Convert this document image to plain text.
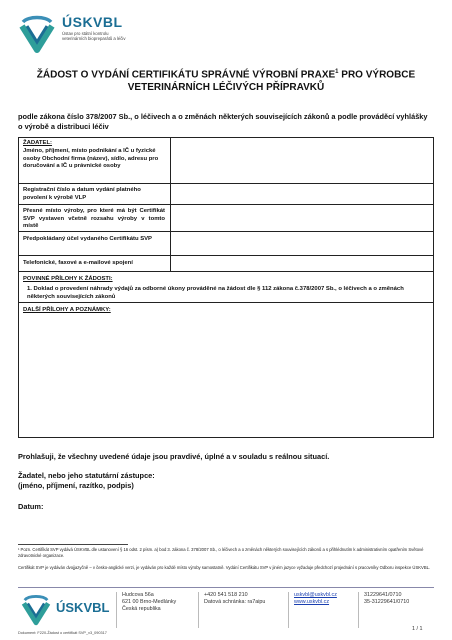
ÚSKVBL
Ústav pro státní kontrolu veterinárních biopreparátů a léčiv
ŽÁDOST O VYDÁNÍ CERTIFIKÁTU SPRÁVNÉ VÝROBNÍ PRAXE$^1$ PRO VÝROBCE
VETERINÁRNÍCH LÉČIVÝCH PŘÍPRAVKŮ
podle zákona číslo 378/2007 Sb., o léčivech a o změnách některých souvisejících zákonů a podle prováděcí vyhlášky o výrobě a distribuci léčiv
ŽADATEL:
Jméno, příjmení, místo podnikání a IČ u fyzické osoby Obchodní firma (název), sídlo, adresu pro doručování a IČ u právnické osoby
Registrační číslo a datum vydání platného povolení k výrobě VLP
Přesné místo výroby, pro které má být Certifikát SVP vystaven včetně rozsahu výroby v tomto místě
Předpokládaný účel vydaného Certifikátu SVP
Telefonické, faxové a e-mailové spojení
POVINNÉ PŘÍLOHY K ŽÁDOSTI:
1. Doklad o provedení náhrady výdajů za odborné úkony prováděné na žádost dle § 112 zákona č.378/2007 Sb., o léčivech a o změnách některých souvisejících zákonů
DALŠÍ PŘÍLOHY A POZNÁMKY:
Prohlašuji, že všechny uvedené údaje jsou pravdivé, úplné a v souladu s reálnou situací.
Žadatel, nebo jeho statutární zástupce:
(jméno, příjmení, razítko, podpis)
Datum:
¹ Pozn. Certifikát SVP vydává ÚSKVBL dle ustanovení § 16 odst. 2 písm. a) bod 3. zákona č. 378/2007 Sb., o léčivech a o změnách některých souvisejících zákonů a s přihlédnutím k administrativním opatřením Světové zdravotnické organizace.
Certifikát SVP je vydáván dvojjazyčně – v česko-anglické verzi, je vydáván pro každé místo výroby samostatně. Vydání Certifikátu SVP v jiném jazyce vyžaduje předchozí projednání s pracovníky Odboru inspekce ÚSKVBL.
ÚSKVBL
Hudcova 56a
621 00 Brno-Medlánky
Česká republika
+420 541 518 210
Datová schránka: ra7aipu
uskvbl@uskvbl.cz
www.uskvbl.cz
31229641/0710
35-31229641/0710
Dokument: F220-Žádost o certifikát SVP_v3_090317
1 / 1
